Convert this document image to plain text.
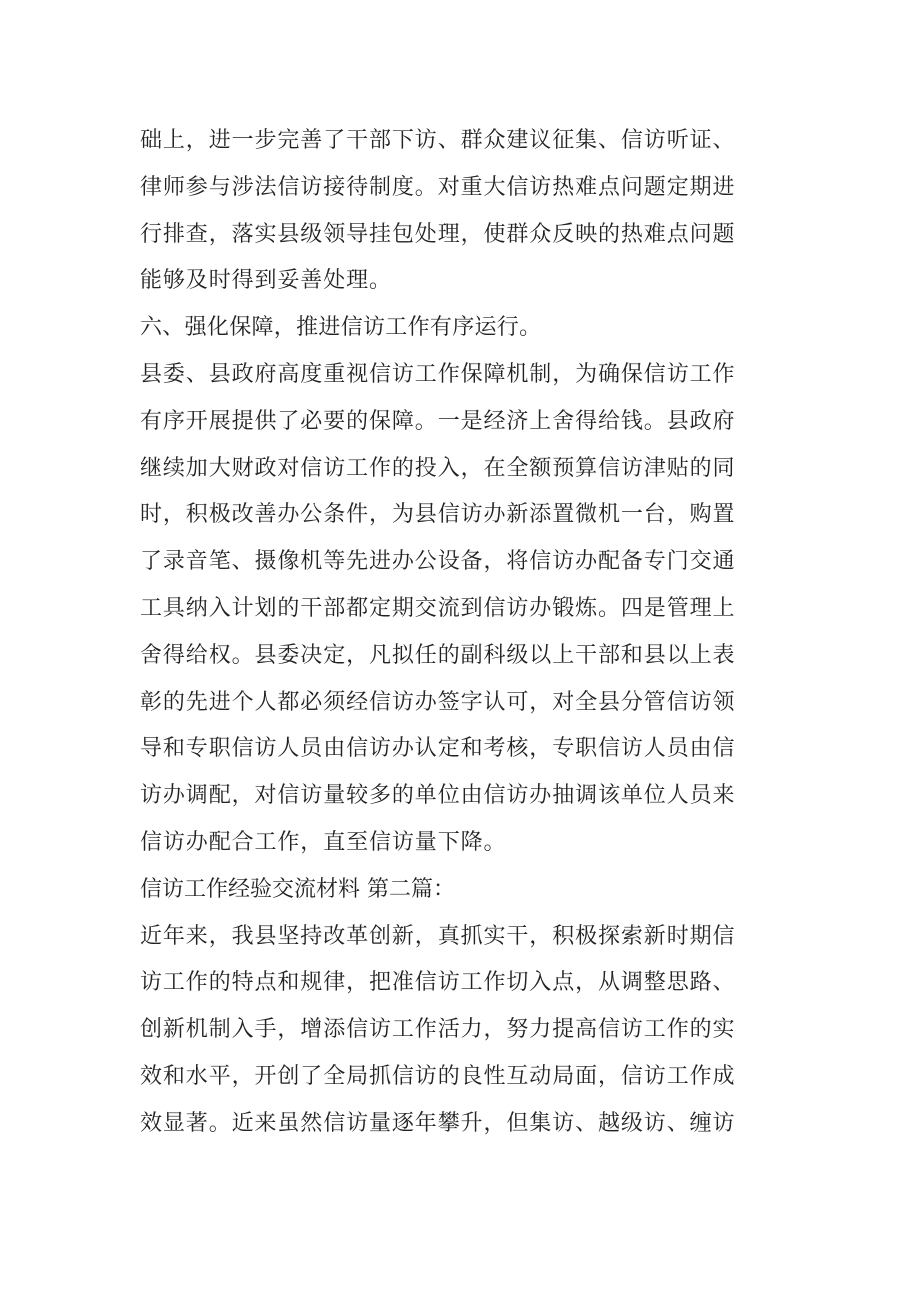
础上，进一步完善了干部下访、群众建议征集、信访听证、
律师参与涉法信访接待制度。对重大信访热难点问题定期进
行排查，落实县级领导挂包处理，使群众反映的热难点问题
能够及时得到妥善处理。
六、强化保障，推进信访工作有序运行。
县委、县政府高度重视信访工作保障机制，为确保信访工作
有序开展提供了必要的保障。一是经济上舍得给钱。县政府
继续加大财政对信访工作的投入，在全额预算信访津贴的同
时，积极改善办公条件，为县信访办新添置微机一台，购置
了录音笔、摄像机等先进办公设备，将信访办配备专门交通
工具纳入计划的干部都定期交流到信访办锻炼。四是管理上
舍得给权。县委决定，凡拟任的副科级以上干部和县以上表
彰的先进个人都必须经信访办签字认可，对全县分管信访领
导和专职信访人员由信访办认定和考核，专职信访人员由信
访办调配，对信访量较多的单位由信访办抽调该单位人员来
信访办配合工作，直至信访量下降。
信访工作经验交流材料 第二篇：
近年来，我县坚持改革创新，真抓实干，积极探索新时期信
访工作的特点和规律，把准信访工作切入点，从调整思路、
创新机制入手，增添信访工作活力，努力提高信访工作的实
效和水平，开创了全局抓信访的良性互动局面，信访工作成
效显著。近来虽然信访量逐年攀升，但集访、越级访、缠访
